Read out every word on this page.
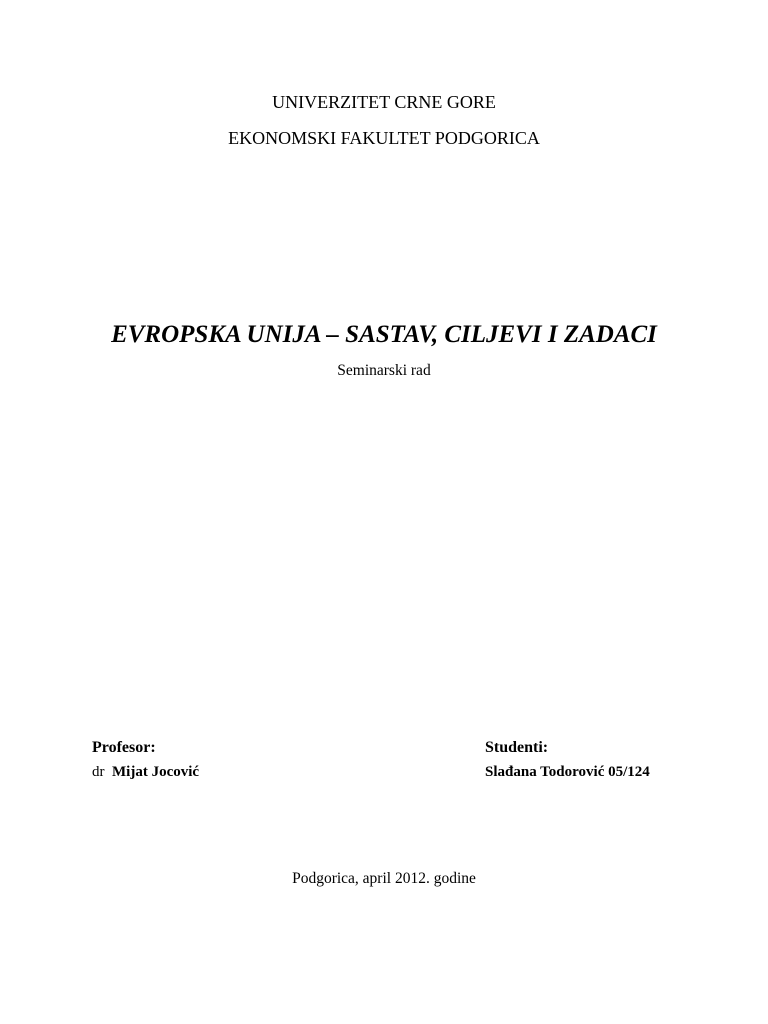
UNIVERZITET CRNE GORE
EKONOMSKI FAKULTET PODGORICA
EVROPSKA UNIJA – SASTAV, CILJEVI I ZADACI
Seminarski rad
Profesor:
dr Mijat Jocović
Studenti:
Slađana Todorović 05/124
Podgorica, april 2012. godine
